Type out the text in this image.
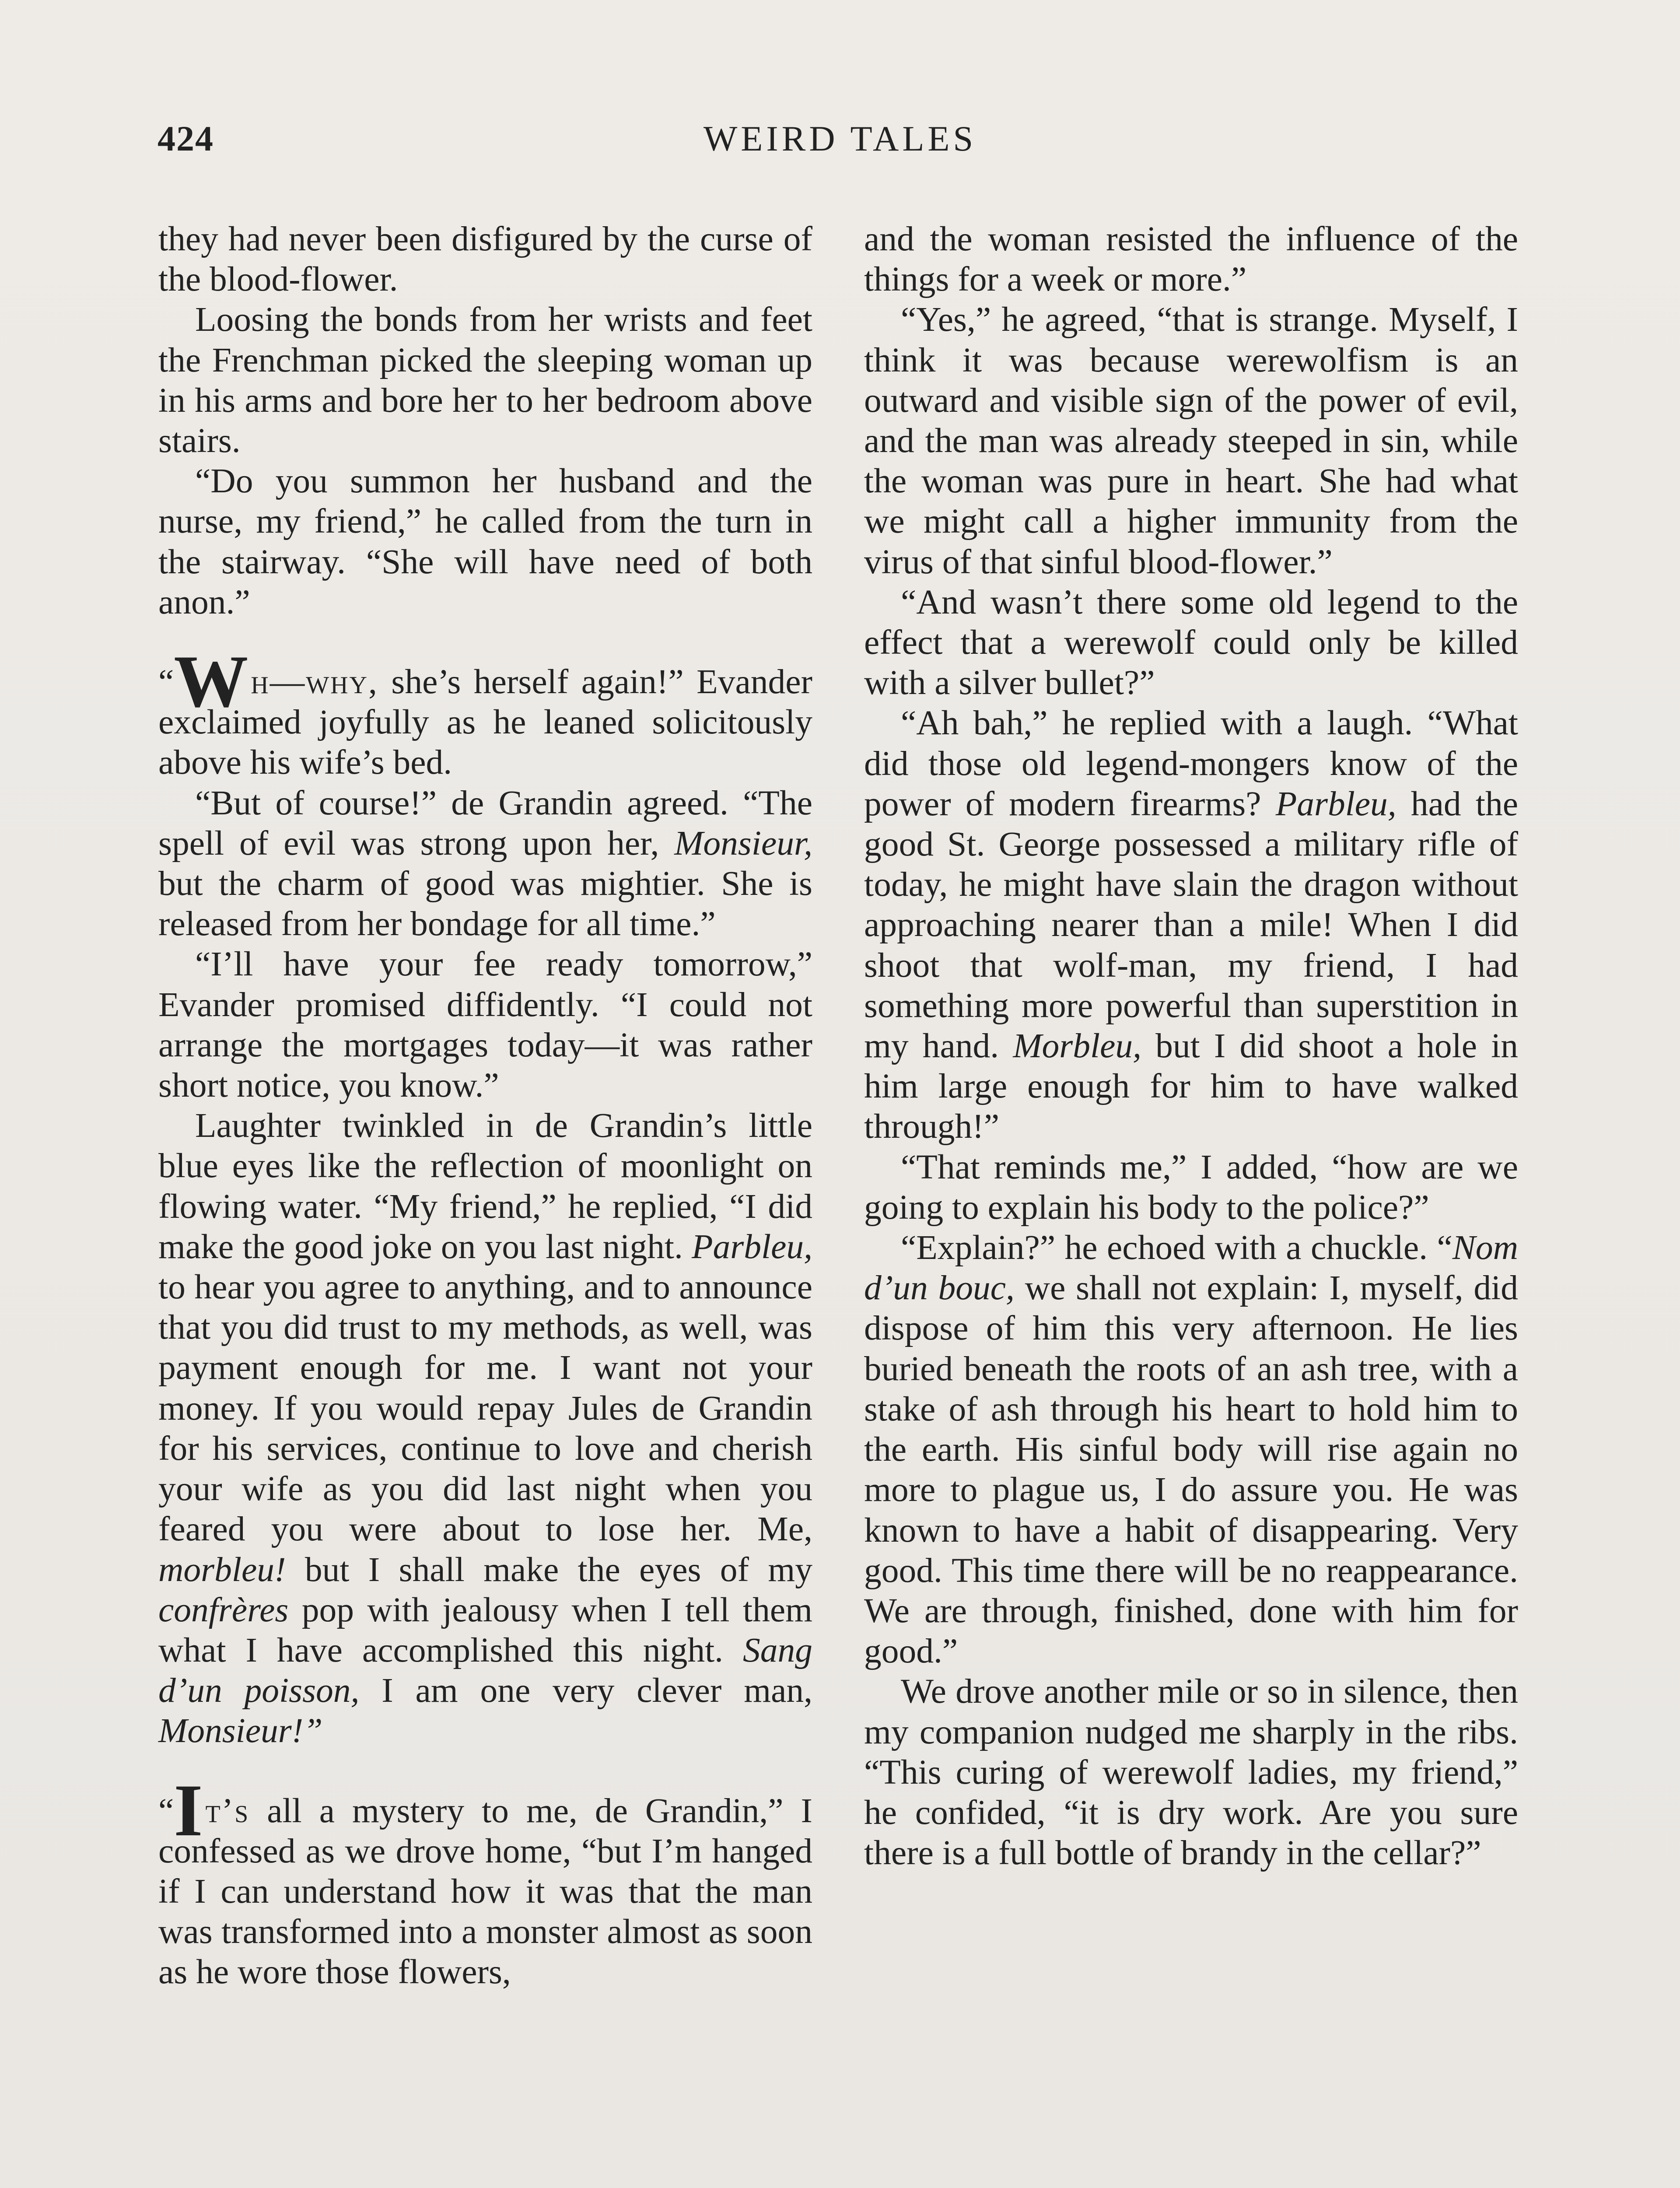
424	WEIRD TALES

they had never been disfigured by the curse of the blood-flower.

Loosing the bonds from her wrists and feet the Frenchman picked the sleeping woman up in his arms and bore her to her bedroom above stairs.

“Do you summon her husband and the nurse, my friend,” he called from the turn in the stairway. “She will have need of both anon.”

“Wh—why, she’s herself again!” Evander exclaimed joyfully as he leaned solicitously above his wife’s bed.

“But of course!” de Grandin agreed. “The spell of evil was strong upon her, Monsieur, but the charm of good was mightier. She is released from her bondage for all time.”

“I’ll have your fee ready tomorrow,” Evander promised diffidently. “I could not arrange the mortgages today—it was rather short notice, you know.”

Laughter twinkled in de Grandin’s little blue eyes like the reflection of moonlight on flowing water. “My friend,” he replied, “I did make the good joke on you last night. Parbleu, to hear you agree to anything, and to announce that you did trust to my methods, as well, was payment enough for me. I want not your money. If you would repay Jules de Grandin for his services, continue to love and cherish your wife as you did last night when you feared you were about to lose her. Me, morbleu! but I shall make the eyes of my confrères pop with jealousy when I tell them what I have accomplished this night. Sang d’un poisson, I am one very clever man, Monsieur!”

“It’s all a mystery to me, de Grandin,” I confessed as we drove home, “but I’m hanged if I can understand how it was that the man was transformed into a monster almost as soon as he wore those flowers,

and the woman resisted the influence of the things for a week or more.”

“Yes,” he agreed, “that is strange. Myself, I think it was because werewolfism is an outward and visible sign of the power of evil, and the man was already steeped in sin, while the woman was pure in heart. She had what we might call a higher immunity from the virus of that sinful blood-flower.”

“And wasn’t there some old legend to the effect that a werewolf could only be killed with a silver bullet?”

“Ah bah,” he replied with a laugh. “What did those old legend-mongers know of the power of modern firearms? Parbleu, had the good St. George possessed a military rifle of today, he might have slain the dragon without approaching nearer than a mile! When I did shoot that wolf-man, my friend, I had something more powerful than superstition in my hand. Morbleu, but I did shoot a hole in him large enough for him to have walked through!”

“That reminds me,” I added, “how are we going to explain his body to the police?”

“Explain?” he echoed with a chuckle. “Nom d’un bouc, we shall not explain: I, myself, did dispose of him this very afternoon. He lies buried beneath the roots of an ash tree, with a stake of ash through his heart to hold him to the earth. His sinful body will rise again no more to plague us, I do assure you. He was known to have a habit of disappearing. Very good. This time there will be no reappearance. We are through, finished, done with him for good.”

We drove another mile or so in silence, then my companion nudged me sharply in the ribs. “This curing of werewolf ladies, my friend,” he confided, “it is dry work. Are you sure there is a full bottle of brandy in the cellar?”
